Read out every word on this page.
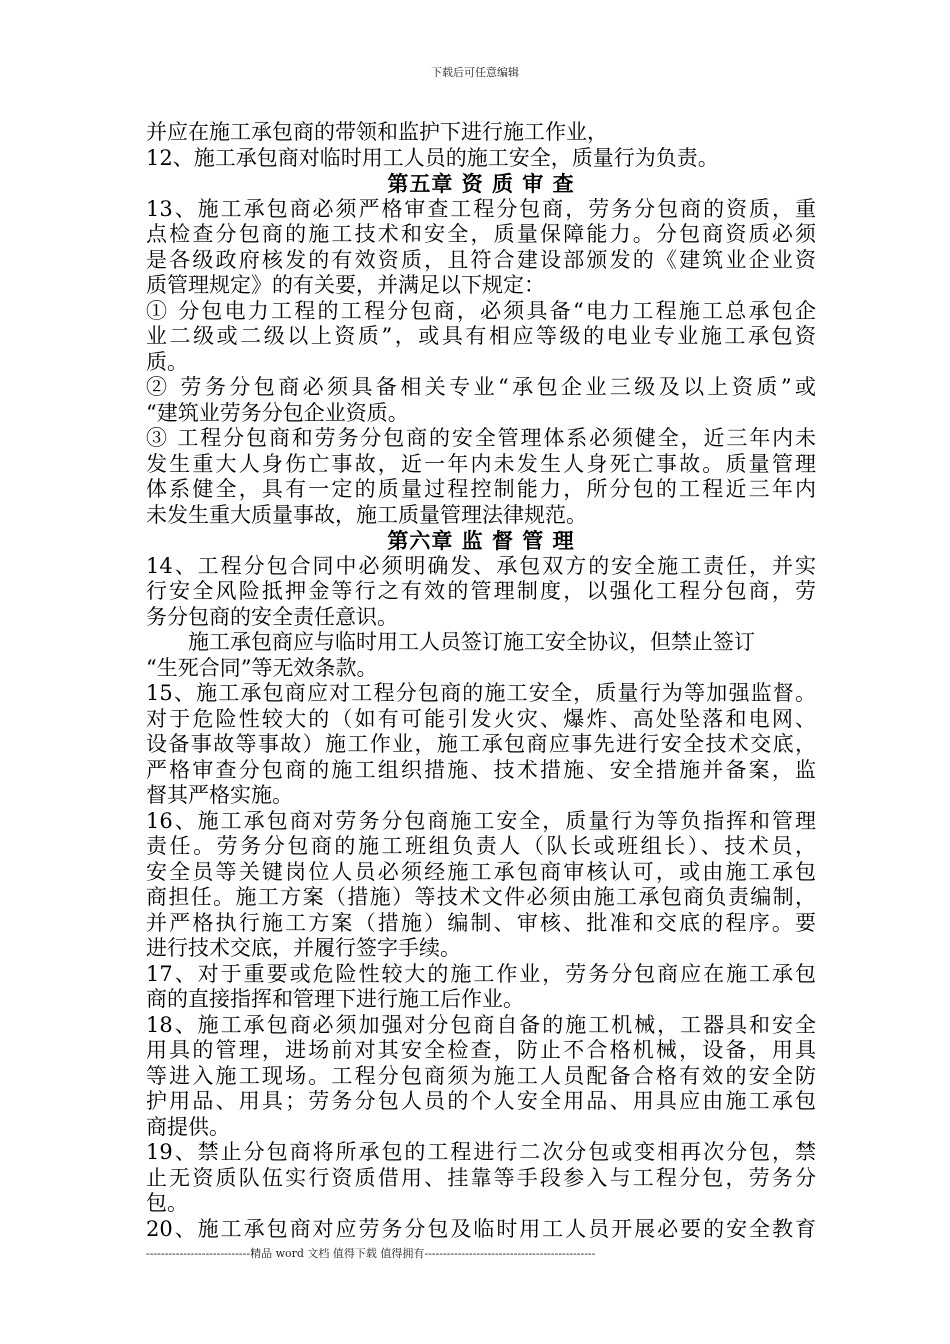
下载后可任意编辑

并应在施工承包商的带领和监护下进行施工作业，

12、施工承包商对临时用工人员的施工安全，质量行为负责。

第五章 资 质 审 查

13、施工承包商必须严格审查工程分包商，劳务分包商的资质，重

点检查分包商的施工技术和安全，质量保障能力。分包商资质必须

是各级政府核发的有效资质，且符合建设部颁发的《建筑业企业资

质管理规定》的有关要，并满足以下规定：

① 分包电力工程的工程分包商，必须具备“电力工程施工总承包企

业二级或二级以上资质”，或具有相应等级的电业专业施工承包资

质。

② 劳务分包商必须具备相关专业“承包企业三级及以上资质”或

“建筑业劳务分包企业资质。

③ 工程分包商和劳务分包商的安全管理体系必须健全，近三年内未

发生重大人身伤亡事故，近一年内未发生人身死亡事故。质量管理

体系健全，具有一定的质量过程控制能力，所分包的工程近三年内

未发生重大质量事故，施工质量管理法律规范。

第六章 监 督 管 理

14、工程分包合同中必须明确发、承包双方的安全施工责任，并实

行安全风险抵押金等行之有效的管理制度，以强化工程分包商，劳

务分包商的安全责任意识。

　　施工承包商应与临时用工人员签订施工安全协议，但禁止签订

“生死合同”等无效条款。

15、施工承包商应对工程分包商的施工安全，质量行为等加强监督。

对于危险性较大的（如有可能引发火灾、爆炸、高处坠落和电网、

设备事故等事故）施工作业，施工承包商应事先进行安全技术交底，

严格审查分包商的施工组织措施、技术措施、安全措施并备案，监

督其严格实施。

16、施工承包商对劳务分包商施工安全，质量行为等负指挥和管理

责任。劳务分包商的施工班组负责人（队长或班组长）、技术员，

安全员等关键岗位人员必须经施工承包商审核认可，或由施工承包

商担任。施工方案（措施）等技术文件必须由施工承包商负责编制，

并严格执行施工方案（措施）编制、审核、批准和交底的程序。要

进行技术交底，并履行签字手续。

17、对于重要或危险性较大的施工作业，劳务分包商应在施工承包

商的直接指挥和管理下进行施工后作业。

18、施工承包商必须加强对分包商自备的施工机械，工器具和安全

用具的管理，进场前对其安全检查，防止不合格机械，设备，用具

等进入施工现场。工程分包商须为施工人员配备合格有效的安全防

护用品、用具；劳务分包人员的个人安全用品、用具应由施工承包

商提供。

19、禁止分包商将所承包的工程进行二次分包或变相再次分包，禁

止无资质队伍实行资质借用、挂靠等手段参入与工程分包，劳务分

包。

20、施工承包商对应劳务分包及临时用工人员开展必要的安全教育

----------------------------精品 word 文档 值得下载 值得拥有----------------------------------------------
